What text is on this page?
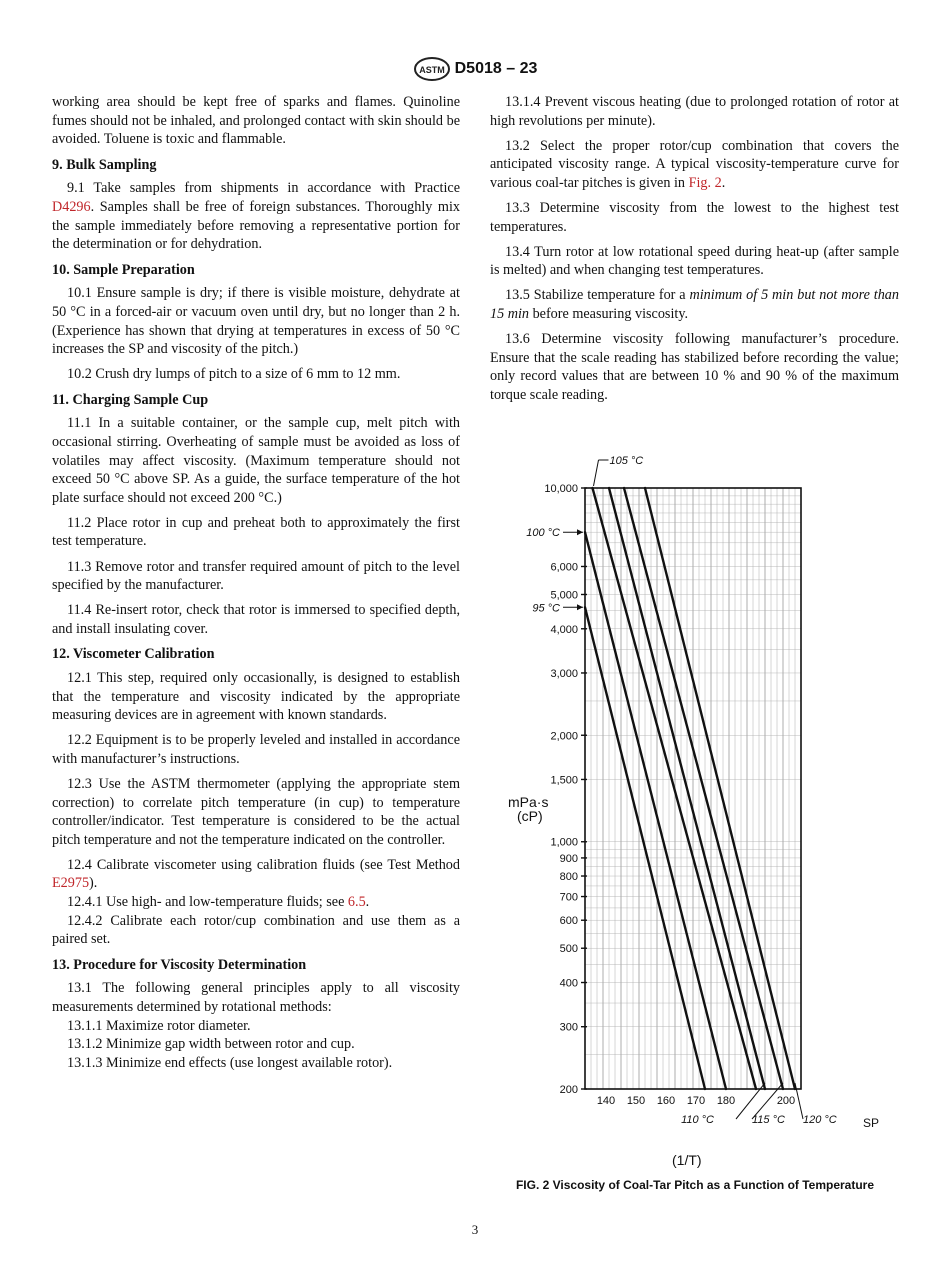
ASTM D5018 – 23

working area should be kept free of sparks and flames. Quinoline fumes should not be inhaled, and prolonged contact with skin should be avoided. Toluene is toxic and flammable.

9. Bulk Sampling

9.1 Take samples from shipments in accordance with Practice D4296. Samples shall be free of foreign substances. Thoroughly mix the sample immediately before removing a representative portion for the determination or for dehydration.

10. Sample Preparation

10.1 Ensure sample is dry; if there is visible moisture, dehydrate at 50 °C in a forced-air or vacuum oven until dry, but no longer than 2 h. (Experience has shown that drying at temperatures in excess of 50 °C increases the SP and viscosity of the pitch.)

10.2 Crush dry lumps of pitch to a size of 6 mm to 12 mm.

11. Charging Sample Cup

11.1 In a suitable container, or the sample cup, melt pitch with occasional stirring. Overheating of sample must be avoided as loss of volatiles may affect viscosity. (Maximum temperature should not exceed 50 °C above SP. As a guide, the surface temperature of the hot plate surface should not exceed 200 °C.)

11.2 Place rotor in cup and preheat both to approximately the first test temperature.

11.3 Remove rotor and transfer required amount of pitch to the level specified by the manufacturer.

11.4 Re-insert rotor, check that rotor is immersed to specified depth, and install insulating cover.

12. Viscometer Calibration

12.1 This step, required only occasionally, is designed to establish that the temperature and viscosity indicated by the appropriate measuring devices are in agreement with known standards.

12.2 Equipment is to be properly leveled and installed in accordance with manufacturer’s instructions.

12.3 Use the ASTM thermometer (applying the appropriate stem correction) to correlate pitch temperature (in cup) to temperature controller/indicator. Test temperature is considered to be the actual pitch temperature and not the temperature indicated on the controller.

12.4 Calibrate viscometer using calibration fluids (see Test Method E2975).

12.4.1 Use high- and low-temperature fluids; see 6.5.

12.4.2 Calibrate each rotor/cup combination and use them as a paired set.

13. Procedure for Viscosity Determination

13.1 The following general principles apply to all viscosity measurements determined by rotational methods:

13.1.1 Maximize rotor diameter.

13.1.2 Minimize gap width between rotor and cup.

13.1.3 Minimize end effects (use longest available rotor).

13.1.4 Prevent viscous heating (due to prolonged rotation of rotor at high revolutions per minute).

13.2 Select the proper rotor/cup combination that covers the anticipated viscosity range. A typical viscosity-temperature curve for various coal-tar pitches is given in Fig. 2.

13.3 Determine viscosity from the lowest to the highest test temperatures.

13.4 Turn rotor at low rotational speed during heat-up (after sample is melted) and when changing test temperatures.

13.5 Stabilize temperature for a minimum of 5 min but not more than 15 min before measuring viscosity.

13.6 Determine viscosity following manufacturer’s procedure. Ensure that the scale reading has stabilized before recording the value; only record values that are between 10 % and 90 % of the maximum torque scale reading.

200
300
400
500
600
700
800
900
1,000
1,500
2,000
3,000
4,000
5,000
6,000
10,000
140 150 160 170 180	200
105 °C
100 °C
95 °C
110 °C	115 °C 120 °C
mPa·s
(cP)
SP
FIG. 2 Viscosity of Coal-Tar Pitch as a Function of Temperature
(1/T)
3
